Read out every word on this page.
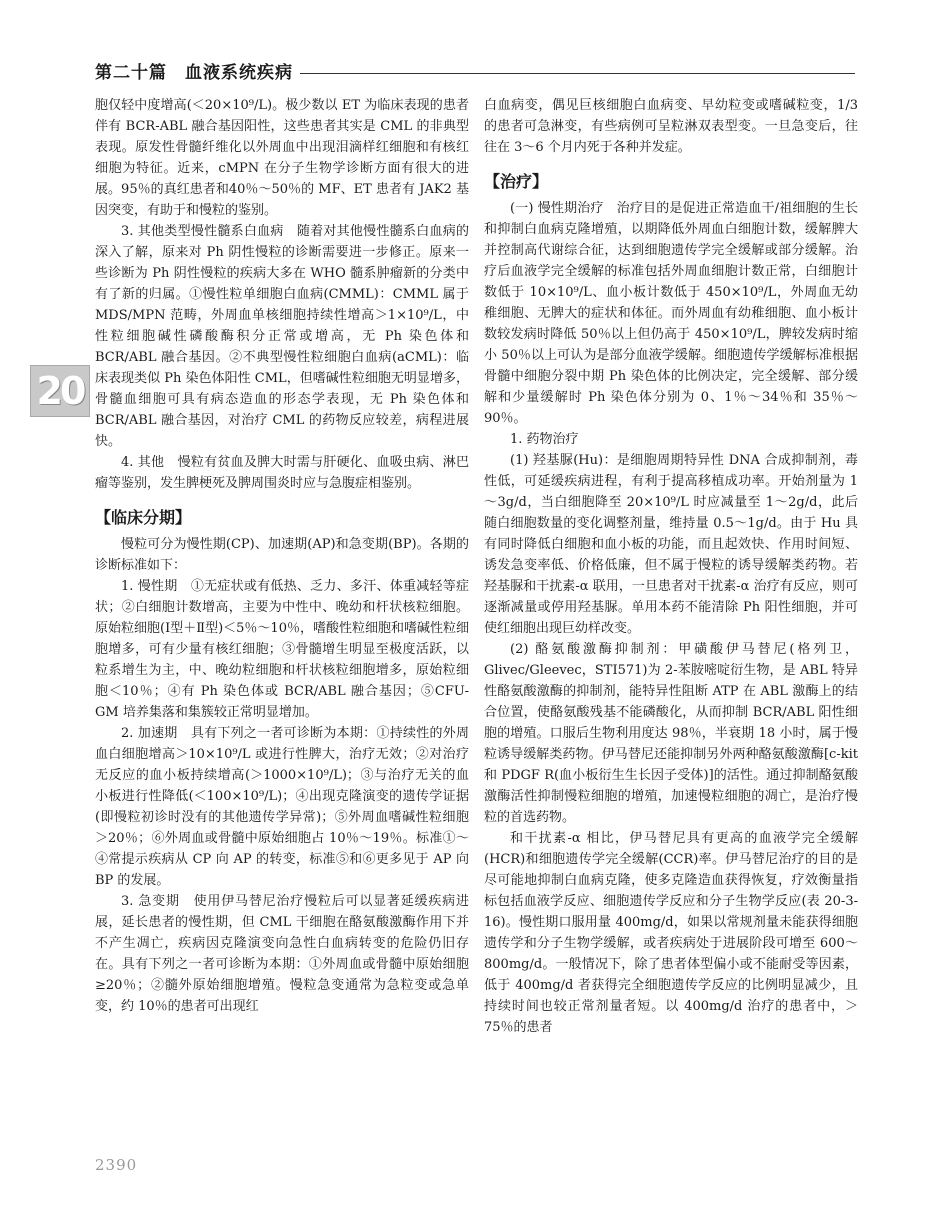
第二十篇　血液系统疾病
20

胞仅轻中度增高(＜20×10⁹/L)。极少数以 ET 为临床表现的患者伴有 BCR-ABL 融合基因阳性，这些患者其实是 CML 的非典型表现。原发性骨髓纤维化以外周血中出现泪滴样红细胞和有核红细胞为特征。近来，cMPN 在分子生物学诊断方面有很大的进展。95％的真红患者和40％～50％的 MF、ET 患者有 JAK2 基因突变，有助于和慢粒的鉴别。

3. 其他类型慢性髓系白血病　随着对其他慢性髓系白血病的深入了解，原来对 Ph 阴性慢粒的诊断需要进一步修正。原来一些诊断为 Ph 阴性慢粒的疾病大多在 WHO 髓系肿瘤新的分类中有了新的归属。①慢性粒单细胞白血病(CMML)：CMML 属于 MDS/MPN 范畴，外周血单核细胞持续性增高＞1×10⁹/L，中性粒细胞碱性磷酸酶积分正常或增高，无 Ph 染色体和 BCR/ABL 融合基因。②不典型慢性粒细胞白血病(aCML)：临床表现类似 Ph 染色体阳性 CML，但嗜碱性粒细胞无明显增多，骨髓血细胞可具有病态造血的形态学表现，无 Ph 染色体和 BCR/ABL 融合基因，对治疗 CML 的药物反应较差，病程进展快。

4. 其他　慢粒有贫血及脾大时需与肝硬化、血吸虫病、淋巴瘤等鉴别，发生脾梗死及脾周围炎时应与急腹症相鉴别。

【临床分期】

慢粒可分为慢性期(CP)、加速期(AP)和急变期(BP)。各期的诊断标准如下：

1. 慢性期　①无症状或有低热、乏力、多汗、体重减轻等症状；②白细胞计数增高，主要为中性中、晚幼和杆状核粒细胞。原始粒细胞(Ⅰ型＋Ⅱ型)＜5％～10％，嗜酸性粒细胞和嗜碱性粒细胞增多，可有少量有核红细胞；③骨髓增生明显至极度活跃，以粒系增生为主，中、晚幼粒细胞和杆状核粒细胞增多，原始粒细胞＜10％；④有 Ph 染色体或 BCR/ABL 融合基因；⑤CFU-GM 培养集落和集簇较正常明显增加。

2. 加速期　具有下列之一者可诊断为本期：①持续性的外周血白细胞增高＞10×10⁹/L 或进行性脾大，治疗无效；②对治疗无反应的血小板持续增高(＞1000×10⁹/L)；③与治疗无关的血小板进行性降低(＜100×10⁹/L)；④出现克隆演变的遗传学证据(即慢粒初诊时没有的其他遗传学异常)；⑤外周血嗜碱性粒细胞＞20％；⑥外周血或骨髓中原始细胞占 10％～19％。标准①～④常提示疾病从 CP 向 AP 的转变，标准⑤和⑥更多见于 AP 向 BP 的发展。

3. 急变期　使用伊马替尼治疗慢粒后可以显著延缓疾病进展，延长患者的慢性期，但 CML 干细胞在酪氨酸激酶作用下并不产生凋亡，疾病因克隆演变向急性白血病转变的危险仍旧存在。具有下列之一者可诊断为本期：①外周血或骨髓中原始细胞≥20％；②髓外原始细胞增殖。慢粒急变通常为急粒变或急单变，约 10％的患者可出现红

白血病变，偶见巨核细胞白血病变、早幼粒变或嗜碱粒变，1/3 的患者可急淋变，有些病例可呈粒淋双表型变。一旦急变后，往往在 3～6 个月内死于各种并发症。

【治疗】

(一) 慢性期治疗　治疗目的是促进正常造血干/祖细胞的生长和抑制白血病克隆增殖，以期降低外周血白细胞计数，缓解脾大并控制高代谢综合征，达到细胞遗传学完全缓解或部分缓解。治疗后血液学完全缓解的标准包括外周血细胞计数正常，白细胞计数低于 10×10⁹/L、血小板计数低于 450×10⁹/L，外周血无幼稚细胞、无脾大的症状和体征。而外周血有幼稚细胞、血小板计数较发病时降低 50％以上但仍高于 450×10⁹/L，脾较发病时缩小 50％以上可认为是部分血液学缓解。细胞遗传学缓解标准根据骨髓中细胞分裂中期 Ph 染色体的比例决定，完全缓解、部分缓解和少量缓解时 Ph 染色体分别为 0、1％～34％和 35％～90％。

1. 药物治疗

(1) 羟基脲(Hu)：是细胞周期特异性 DNA 合成抑制剂，毒性低，可延缓疾病进程，有利于提高移植成功率。开始剂量为 1～3g/d，当白细胞降至 20×10⁹/L 时应减量至 1～2g/d，此后随白细胞数量的变化调整剂量，维持量 0.5～1g/d。由于 Hu 具有同时降低白细胞和血小板的功能，而且起效快、作用时间短、诱发急变率低、价格低廉，但不属于慢粒的诱导缓解类药物。若羟基脲和干扰素-α 联用，一旦患者对干扰素-α 治疗有反应，则可逐渐减量或停用羟基脲。单用本药不能清除 Ph 阳性细胞，并可使红细胞出现巨幼样改变。

(2) 酪氨酸激酶抑制剂：甲磺酸伊马替尼(格列卫，Glivec/Gleevec，STI571)为 2-苯胺嘧啶衍生物，是 ABL 特异性酪氨酸激酶的抑制剂，能特异性阻断 ATP 在 ABL 激酶上的结合位置，使酪氨酸残基不能磷酸化，从而抑制 BCR/ABL 阳性细胞的增殖。口服后生物利用度达 98％，半衰期 18 小时，属于慢粒诱导缓解类药物。伊马替尼还能抑制另外两种酪氨酸激酶[c-kit 和 PDGF R(血小板衍生生长因子受体)]的活性。通过抑制酪氨酸激酶活性抑制慢粒细胞的增殖，加速慢粒细胞的凋亡，是治疗慢粒的首选药物。

和干扰素-α 相比，伊马替尼具有更高的血液学完全缓解(HCR)和细胞遗传学完全缓解(CCR)率。伊马替尼治疗的目的是尽可能地抑制白血病克隆，使多克隆造血获得恢复，疗效衡量指标包括血液学反应、细胞遗传学反应和分子生物学反应(表 20-3-16)。慢性期口服用量 400mg/d，如果以常规剂量未能获得细胞遗传学和分子生物学缓解，或者疾病处于进展阶段可增至 600～800mg/d。一般情况下，除了患者体型偏小或不能耐受等因素，低于 400mg/d 者获得完全细胞遗传学反应的比例明显减少，且持续时间也较正常剂量者短。以 400mg/d 治疗的患者中，＞75％的患者

2390
